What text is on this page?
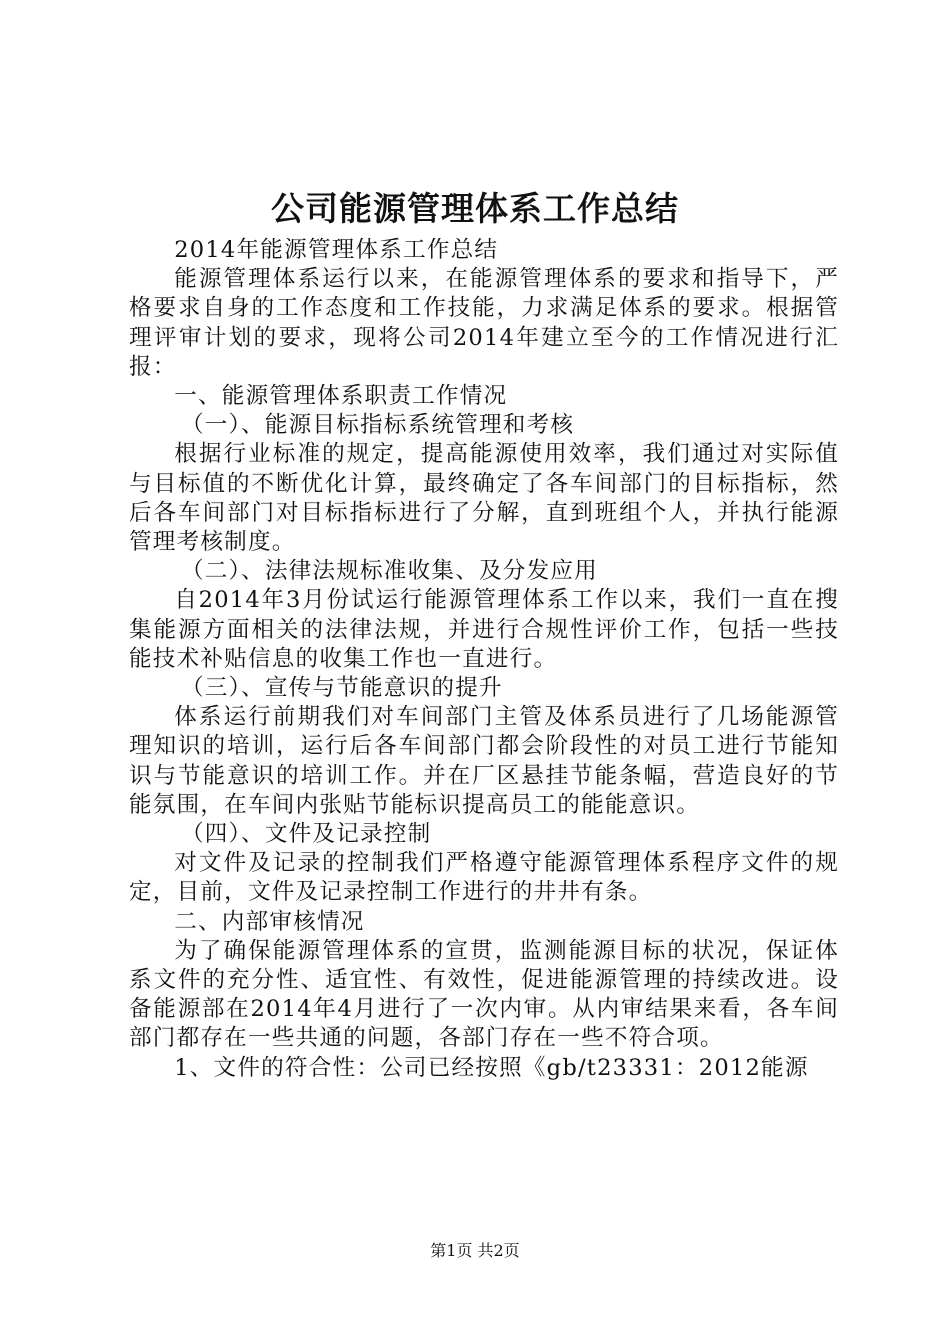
公司能源管理体系工作总结

2014年能源管理体系工作总结

能源管理体系运行以来，在能源管理体系的要求和指导下，严格要求自身的工作态度和工作技能，力求满足体系的要求。根据管理评审计划的要求，现将公司2014年建立至今的工作情况进行汇报：

一、能源管理体系职责工作情况

（一）、能源目标指标系统管理和考核

根据行业标准的规定，提高能源使用效率，我们通过对实际值与目标值的不断优化计算，最终确定了各车间部门的目标指标，然后各车间部门对目标指标进行了分解，直到班组个人，并执行能源管理考核制度。

（二）、法律法规标准收集、及分发应用

自2014年3月份试运行能源管理体系工作以来，我们一直在搜集能源方面相关的法律法规，并进行合规性评价工作，包括一些技能技术补贴信息的收集工作也一直进行。

（三）、宣传与节能意识的提升

体系运行前期我们对车间部门主管及体系员进行了几场能源管理知识的培训，运行后各车间部门都会阶段性的对员工进行节能知识与节能意识的培训工作。并在厂区悬挂节能条幅，营造良好的节能氛围，在车间内张贴节能标识提高员工的能能意识。

（四）、文件及记录控制

对文件及记录的控制我们严格遵守能源管理体系程序文件的规定，目前，文件及记录控制工作进行的井井有条。

二、内部审核情况

为了确保能源管理体系的宣贯，监测能源目标的状况，保证体系文件的充分性、适宜性、有效性，促进能源管理的持续改进。设备能源部在2014年4月进行了一次内审。从内审结果来看，各车间部门都存在一些共通的问题，各部门存在一些不符合项。

1、文件的符合性：公司已经按照《gb/t23331：2012能源

第1页 共2页
